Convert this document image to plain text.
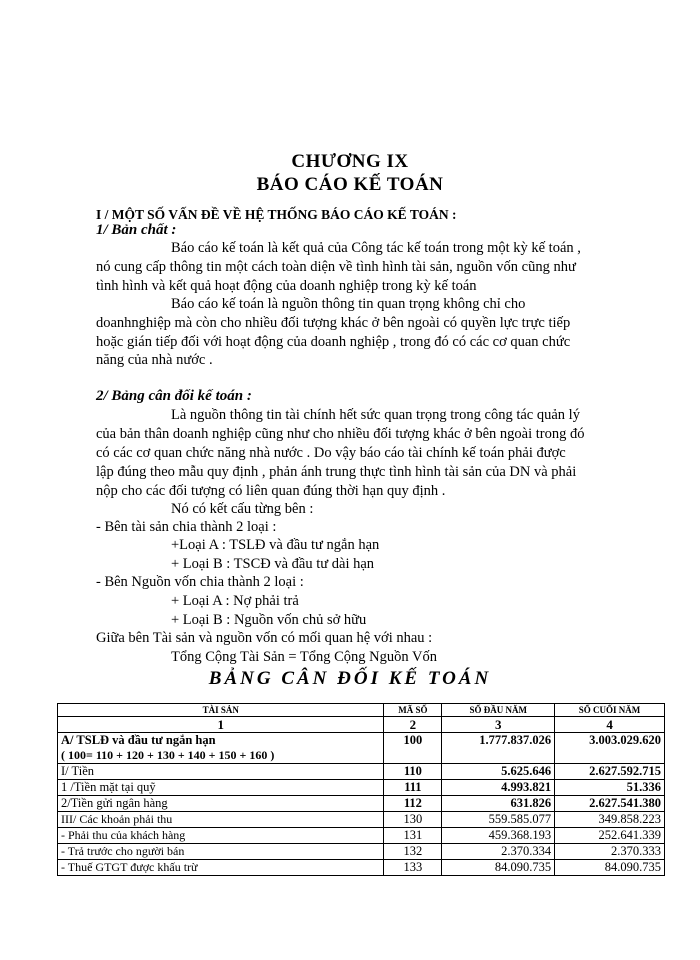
CHƯƠNG IX
BÁO CÁO KẾ TOÁN
I / MỘT SỐ VẤN ĐỀ VỀ HỆ THỐNG BÁO CÁO KẾ TOÁN :
1/ Bản chất :
Báo cáo kế toán là kết quả của Công tác kế toán trong một kỳ kế toán ,
nó cung cấp thông tin một cách toàn diện về tình hình tài sản, nguồn vốn cũng như
tình hình và kết quả hoạt động của doanh nghiệp trong kỳ kế toán
Báo cáo kế toán là nguồn thông tin quan trọng không chỉ cho
doanhnghiệp mà còn cho nhiều đối tượng khác ở bên ngoài có quyền lực trực tiếp
hoặc gián tiếp đối với hoạt động của doanh nghiệp , trong đó có các cơ quan chức
năng của nhà nước .
2/ Bảng cân đối kế toán :
Là nguồn thông tin tài chính hết sức quan trọng trong công tác quản lý
của bản thân doanh nghiệp cũng như cho nhiều đối tượng khác ở bên ngoài trong đó
có các cơ quan chức năng nhà nước . Do vậy báo cáo tài chính kế toán phải được
lập đúng theo mẫu quy định , phản ánh trung thực tình hình tài sản của DN và phải
nộp cho các đối tượng có liên quan đúng thời hạn quy định .
Nó có kết cấu từng bên :
- Bên tài sản chia thành 2 loại :
+Loại A : TSLĐ và đầu tư ngắn hạn
+ Loại B : TSCĐ và đầu tư dài hạn
- Bên Nguồn vốn chia thành 2 loại :
+ Loại A : Nợ phải trả
+ Loại B : Nguồn vốn chủ sở hữu
Giữa bên Tài sản và nguồn vốn có mối quan hệ với nhau :
Tổng Cộng Tài Sản = Tổng Cộng Nguồn Vốn
BẢNG CÂN ĐỐI KẾ TOÁN
TÀI SẢN	MÃ SỐ	SỐ ĐẦU NĂM	SỐ CUỐI NĂM
1	2	3	4

A/ TSLĐ và đầu tư ngắn hạn
( 100= 110 + 120 + 130 + 140 + 150 + 160 )	100	1.777.837.026	3.003.029.620
I/ Tiền	110	5.625.646	2.627.592.715
1 /Tiền mặt tại quỹ	111	4.993.821	51.336
2/Tiền gửi ngân hàng	112	631.826	2.627.541.380
III/ Các khoản phải thu	130	559.585.077	349.858.223
- Phải thu của khách hàng	131	459.368.193	252.641.339
- Trả trước cho người bán	132	2.370.334	2.370.333
- Thuế GTGT được khấu trừ	133	84.090.735	84.090.735
